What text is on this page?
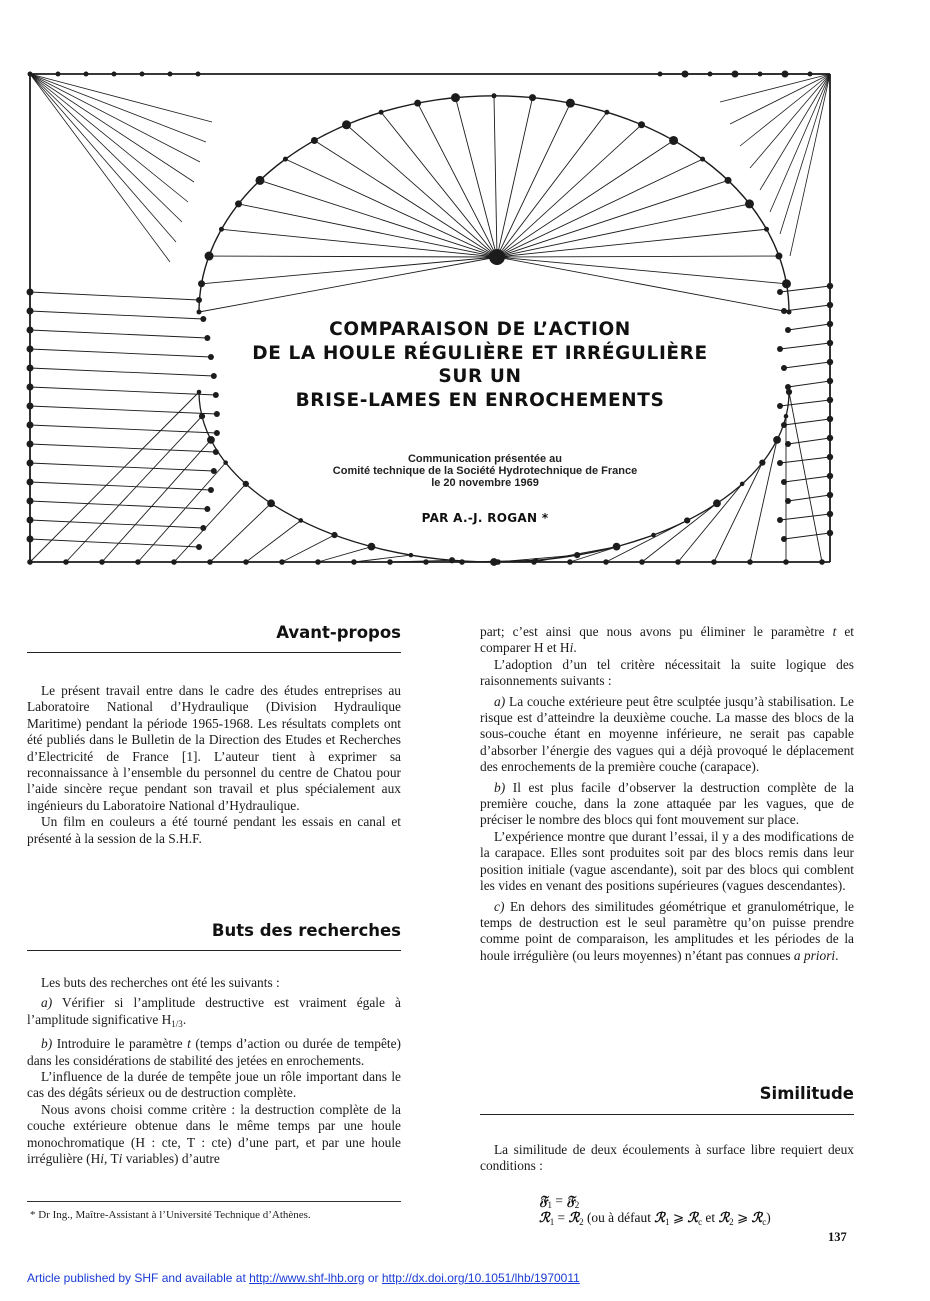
COMPARAISON DE L’ACTION
DE LA HOULE RÉGULIÈRE ET IRRÉGULIÈRE
SUR UN
BRISE-LAMES EN ENROCHEMENTS
Communication présentée au
Comité technique de la Société Hydrotechnique de France
le 20 novembre 1969
PAR A.-J. ROGAN *
Avant-propos

Le présent travail entre dans le cadre des études entreprises au Laboratoire National d’Hydraulique (Division Hydraulique Maritime) pendant la période 1965-1968. Les résultats complets ont été publiés dans le Bulletin de la Direction des Etudes et Recherches d’Electricité de France [1]. L’auteur tient à exprimer sa reconnaissance à l’ensemble du personnel du centre de Chatou pour l’aide sincère reçue pendant son travail et plus spécialement aux ingénieurs du Laboratoire National d’Hydraulique.

Un film en couleurs a été tourné pendant les essais en canal et présenté à la session de la S.H.F.

Buts des recherches

Les buts des recherches ont été les suivants :

a) Vérifier si l’amplitude destructive est vraiment égale à l’amplitude significative $H_{1/3}$.

b) Introduire le paramètre t (temps d’action ou durée de tempête) dans les considérations de stabilité des jetées en enrochements.

L’influence de la durée de tempête joue un rôle important dans le cas des dégâts sérieux ou de destruction complète.

Nous avons choisi comme critère : la destruction complète de la couche extérieure obtenue dans le même temps par une houle monochromatique (H : cte, T : cte) d’une part, et par une houle irrégulière (Hi, Ti variables) d’autre

* Dr Ing., Maître-Assistant à l’Université Technique d’Athènes.

part; c’est ainsi que nous avons pu éliminer le paramètre t et comparer H et Hi.

L’adoption d’un tel critère nécessitait la suite logique des raisonnements suivants :

a) La couche extérieure peut être sculptée jusqu’à stabilisation. Le risque est d’atteindre la deuxième couche. La masse des blocs de la sous-couche étant en moyenne inférieure, ne serait pas capable d’absorber l’énergie des vagues qui a déjà provoqué le déplacement des enrochements de la première couche (carapace).

b) Il est plus facile d’observer la destruction complète de la première couche, dans la zone attaquée par les vagues, que de préciser le nombre des blocs qui font mouvement sur place.

L’expérience montre que durant l’essai, il y a des modifications de la carapace. Elles sont produites soit par des blocs remis dans leur position initiale (vague ascendante), soit par des blocs qui comblent les vides en venant des positions supérieures (vagues descendantes).

c) En dehors des similitudes géométrique et granulométrique, le temps de destruction est le seul paramètre qu’on puisse prendre comme point de comparaison, les amplitudes et les périodes de la houle irrégulière (ou leurs moyennes) n’étant pas connues a priori.

Similitude

La similitude de deux écoulements à surface libre requiert deux conditions :

𝔉$_1$ = 𝔉$_2$
ℛ$_1$ = ℛ$_2$ (ou à défaut ℛ$_1$ ⩾ ℛ$_c$ et ℛ$_2$ ⩾ ℛ$_c$)
137
Article published by SHF and available at http://www.shf-lhb.org or http://dx.doi.org/10.1051/lhb/1970011
